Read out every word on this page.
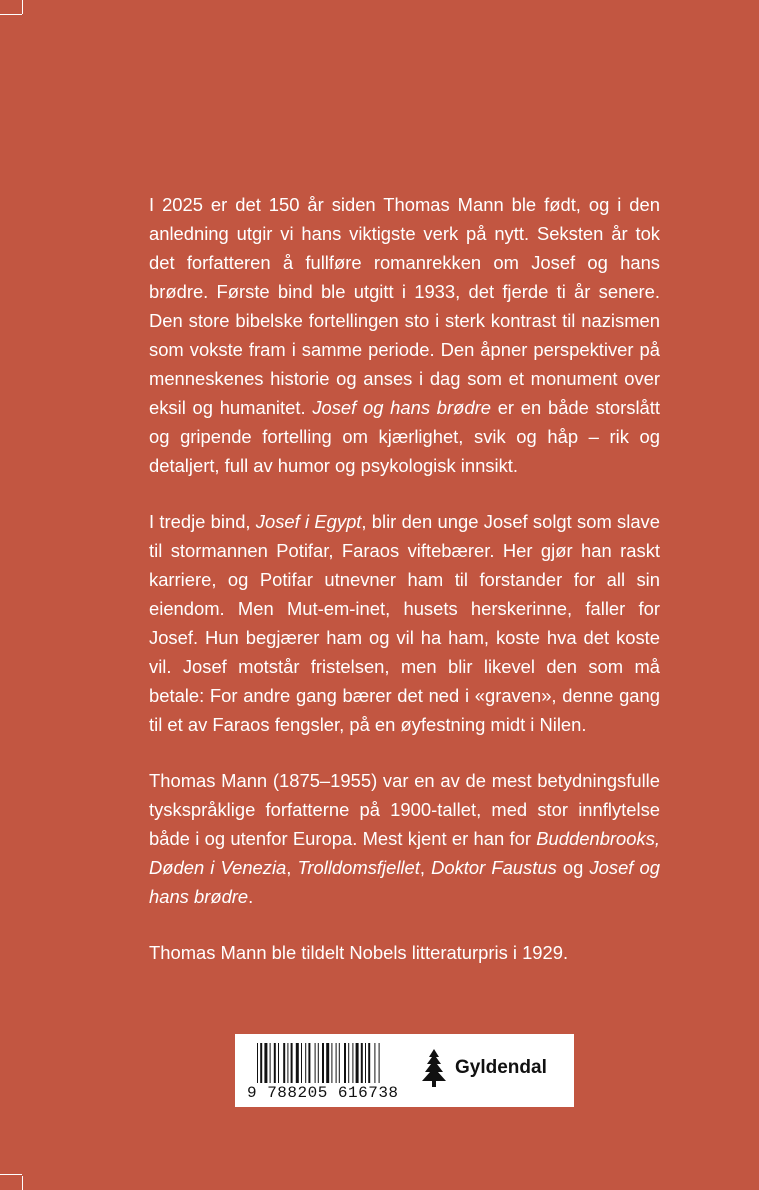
I 2025 er det 150 år siden Thomas Mann ble født, og i den anledning utgir vi hans viktigste verk på nytt. Seksten år tok det forfatteren å fullføre romanrekken om Josef og hans brødre. Første bind ble utgitt i 1933, det fjerde ti år senere. Den store bibelske fortellingen sto i sterk kontrast til nazismen som vokste fram i samme periode. Den åpner perspektiver på menneskenes historie og anses i dag som et monument over eksil og humanitet. Josef og hans brødre er en både storslått og gripende fortelling om kjærlighet, svik og håp – rik og detaljert, full av humor og psykologisk innsikt.

I tredje bind, Josef i Egypt, blir den unge Josef solgt som slave til stormannen Potifar, Faraos viftebærer. Her gjør han raskt karriere, og Potifar utnevner ham til forstander for all sin eiendom. Men Mut-em-inet, husets herskerinne, faller for Josef. Hun begjærer ham og vil ha ham, koste hva det koste vil. Josef motstår fristelsen, men blir likevel den som må betale: For andre gang bærer det ned i «graven», denne gang til et av Faraos fengsler, på en øyfestning midt i Nilen.

Thomas Mann (1875–1955) var en av de mest betydningsfulle tyskspråklige forfatterne på 1900-tallet, med stor innflytelse både i og utenfor Europa. Mest kjent er han for Buddenbrooks, Døden i Venezia, Trolldomsfjellet, Doktor Faustus og Josef og hans brødre.

Thomas Mann ble tildelt Nobels litteraturpris i 1929.

9 788205 616738
Gyldendal
